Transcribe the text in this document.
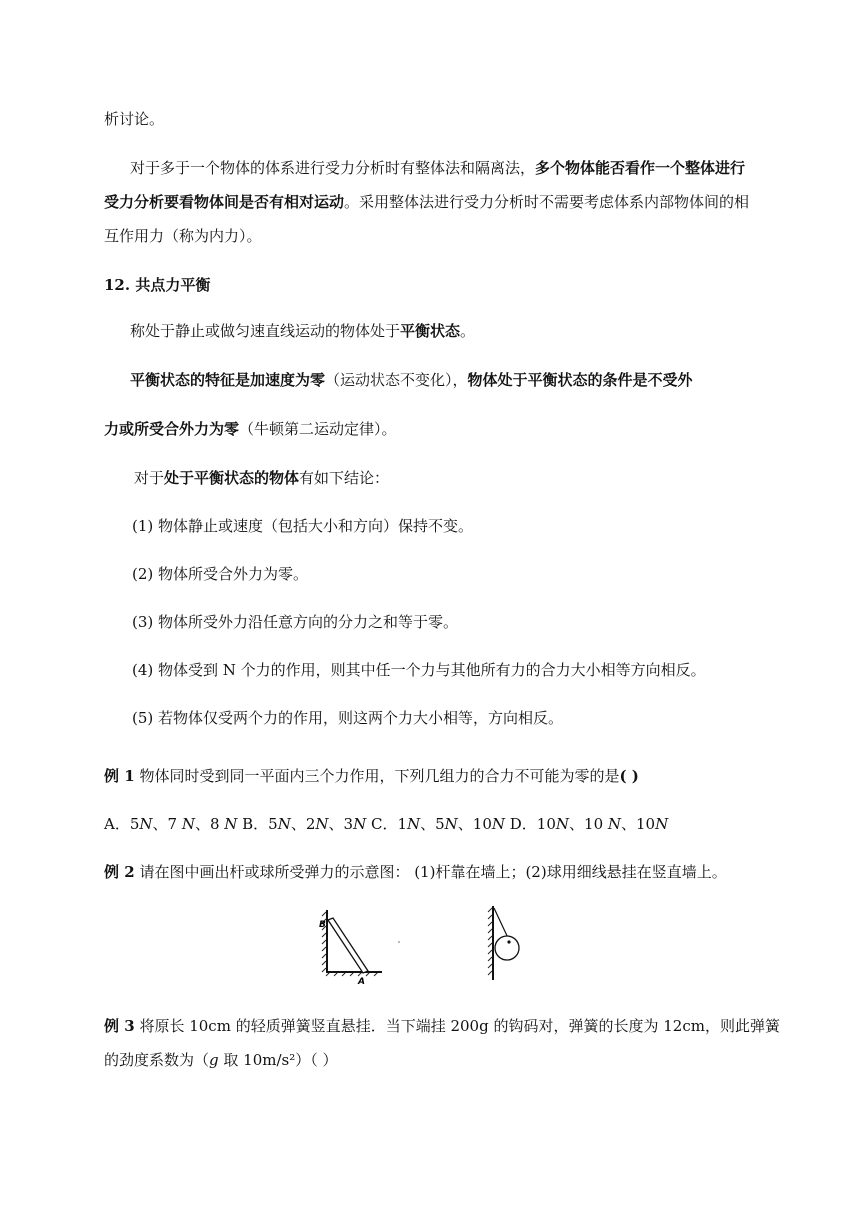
析讨论。
对于多于一个物体的体系进行受力分析时有整体法和隔离法，多个物体能否看作一个整体进行
受力分析要看物体间是否有相对运动。采用整体法进行受力分析时不需要考虑体系内部物体间的相
互作用力（称为内力）。
12. 共点力平衡
称处于静止或做匀速直线运动的物体处于平衡状态。
平衡状态的特征是加速度为零（运动状态不变化），物体处于平衡状态的条件是不受外
力或所受合外力为零（牛顿第二运动定律）。
对于处于平衡状态的物体有如下结论：
(1) 物体静止或速度（包括大小和方向）保持不变。
(2) 物体所受合外力为零。
(3) 物体所受外力沿任意方向的分力之和等于零。
(4) 物体受到 N 个力的作用，则其中任一个力与其他所有力的合力大小相等方向相反。
(5) 若物体仅受两个力的作用，则这两个力大小相等，方向相反。
例 1 物体同时受到同一平面内三个力作用，下列几组力的合力不可能为零的是( )
A．5N、7 N、8 N B．5N、2N、3N C．1N、5N、10N D．10N、10 N、10N
例 2 请在图中画出杆或球所受弹力的示意图： (1)杆靠在墙上；(2)球用细线悬挂在竖直墙上。
B
A
例 3 将原长 10cm 的轻质弹簧竖直悬挂．当下端挂 200g 的钩码对，弹簧的长度为 12cm，则此弹簧
的劲度系数为（g 取 10m/s²）（ ）
